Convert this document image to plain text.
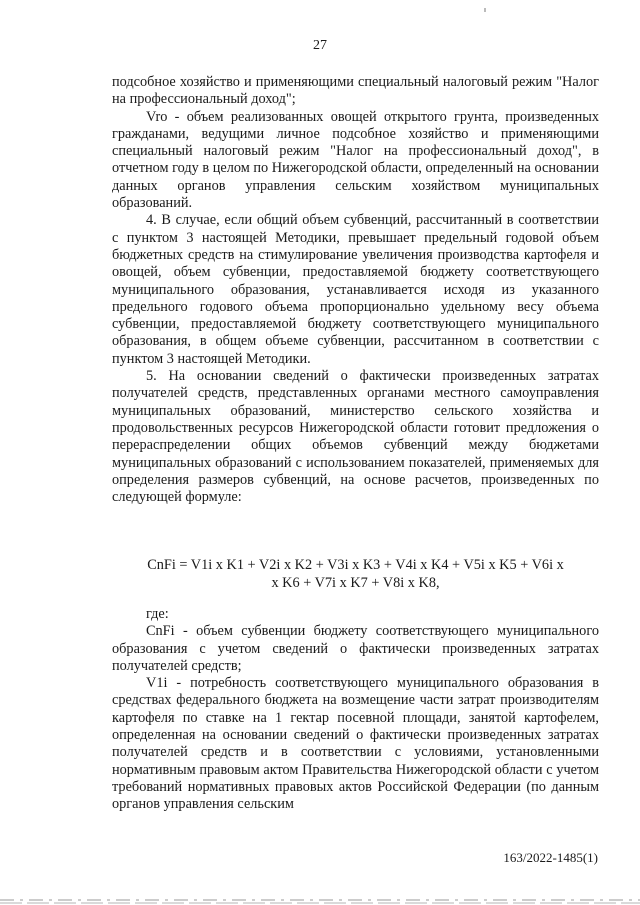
27

подсобное хозяйство и применяющими специальный налоговый режим "Налог на профессиональный доход";

Vro - объем реализованных овощей открытого грунта, произведенных гражданами, ведущими личное подсобное хозяйство и применяющими специальный налоговый режим "Налог на профессиональный доход", в отчетном году в целом по Нижегородской области, определенный на основании данных органов управления сельским хозяйством муниципальных образований.

4. В случае, если общий объем субвенций, рассчитанный в соответствии с пунктом 3 настоящей Методики, превышает предельный годовой объем бюджетных средств на стимулирование увеличения производства картофеля и овощей, объем субвенции, предоставляемой бюджету соответствующего муниципального образования, устанавливается исходя из указанного предельного годового объема пропорционально удельному весу объема субвенции, предоставляемой бюджету соответствующего муниципального образования, в общем объеме субвенции, рассчитанном в соответствии с пунктом 3 настоящей Методики.

5. На основании сведений о фактически произведенных затратах получателей средств, представленных органами местного самоуправления муниципальных образований, министерство сельского хозяйства и продовольственных ресурсов Нижегородской области готовит предложения о перераспределении общих объемов субвенций между бюджетами муниципальных образований с использованием показателей, применяемых для определения размеров субвенций, на основе расчетов, произведенных по следующей формуле:

CnFi = V1i x K1 + V2i x K2 + V3i x K3 + V4i x K4 + V5i x K5 + V6i x
x K6 + V7i x K7 + V8i x K8,

где:

CnFi - объем субвенции бюджету соответствующего муниципального образования с учетом сведений о фактически произведенных затратах получателей средств;

V1i - потребность соответствующего муниципального образования в средствах федерального бюджета на возмещение части затрат производителям картофеля по ставке на 1 гектар посевной площади, занятой картофелем, определенная на основании сведений о фактически произведенных затратах получателей средств и в соответствии с условиями, установленными нормативным правовым актом Правительства Нижегородской области с учетом требований нормативных правовых актов Российской Федерации (по данным органов управления сельским

163/2022-1485(1)
